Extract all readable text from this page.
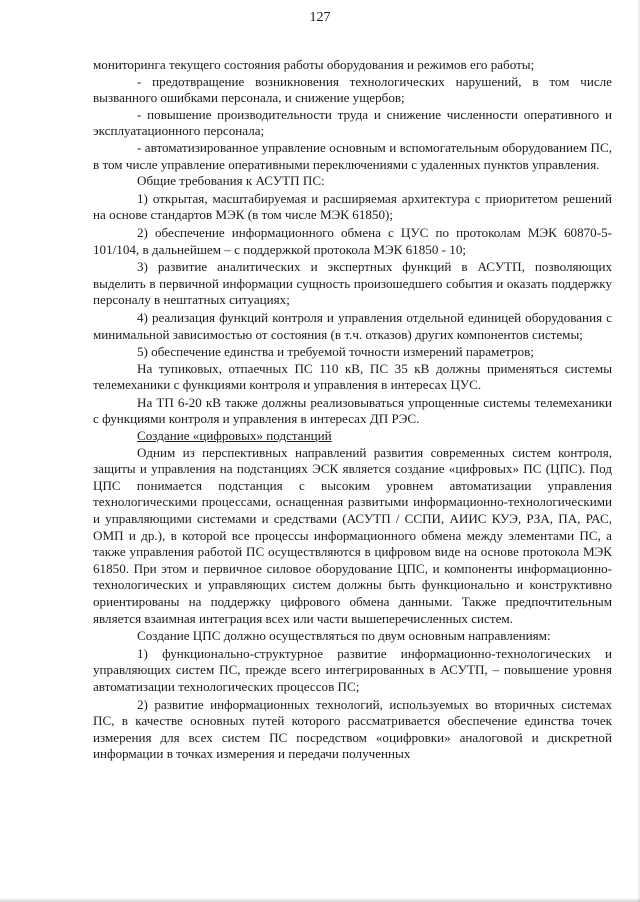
127

мониторинга текущего состояния работы оборудования и режимов его работы;

- предотвращение возникновения технологических нарушений, в том числе вызванного ошибками персонала, и снижение ущербов;

- повышение производительности труда и снижение численности оперативного и эксплуатационного персонала;

- автоматизированное управление основным и вспомогательным оборудованием ПС, в том числе управление оперативными переключениями с удаленных пунктов управления.

Общие требования к АСУТП ПС:

1) открытая, масштабируемая и расширяемая архитектура с приоритетом решений на основе стандартов МЭК (в том числе МЭК 61850);

2) обеспечение информационного обмена с ЦУС по протоколам МЭК 60870-5-101/104, в дальнейшем – с поддержкой протокола МЭК 61850 - 10;

3) развитие аналитических и экспертных функций в АСУТП, позволяющих выделить в первичной информации сущность произошедшего события и оказать поддержку персоналу в нештатных ситуациях;

4) реализация функций контроля и управления отдельной единицей оборудования с минимальной зависимостью от состояния (в т.ч. отказов) других компонентов системы;

5) обеспечение единства и требуемой точности измерений параметров;

На тупиковых, отпаечных ПС 110 кВ, ПС 35 кВ должны применяться системы телемеханики с функциями контроля и управления в интересах ЦУС.

На ТП 6-20 кВ также должны реализовываться упрощенные системы телемеханики с функциями контроля и управления в интересах ДП РЭС.

Создание «цифровых» подстанций

Одним из перспективных направлений развития современных систем контроля, защиты и управления на подстанциях ЭСК является создание «цифровых» ПС (ЦПС). Под ЦПС понимается подстанция с высоким уровнем автоматизации управления технологическими процессами, оснащенная развитыми информационно-технологическими и управляющими системами и средствами (АСУТП / ССПИ, АИИС КУЭ, РЗА, ПА, РАС, ОМП и др.), в которой все процессы информационного обмена между элементами ПС, а также управления работой ПС осуществляются в цифровом виде на основе протокола МЭК 61850. При этом и первичное силовое оборудование ЦПС, и компоненты информационно-технологических и управляющих систем должны быть функционально и конструктивно ориентированы на поддержку цифрового обмена данными. Также предпочтительным является взаимная интеграция всех или части вышеперечисленных систем.

Создание ЦПС должно осуществляться по двум основным направлениям:

1) функционально-структурное развитие информационно-технологических и управляющих систем ПС, прежде всего интегрированных в АСУТП, – повышение уровня автоматизации технологических процессов ПС;

2) развитие информационных технологий, используемых во вторичных системах ПС, в качестве основных путей которого рассматривается обеспечение единства точек измерения для всех систем ПС посредством «оцифровки» аналоговой и дискретной информации в точках измерения и передачи полученных
